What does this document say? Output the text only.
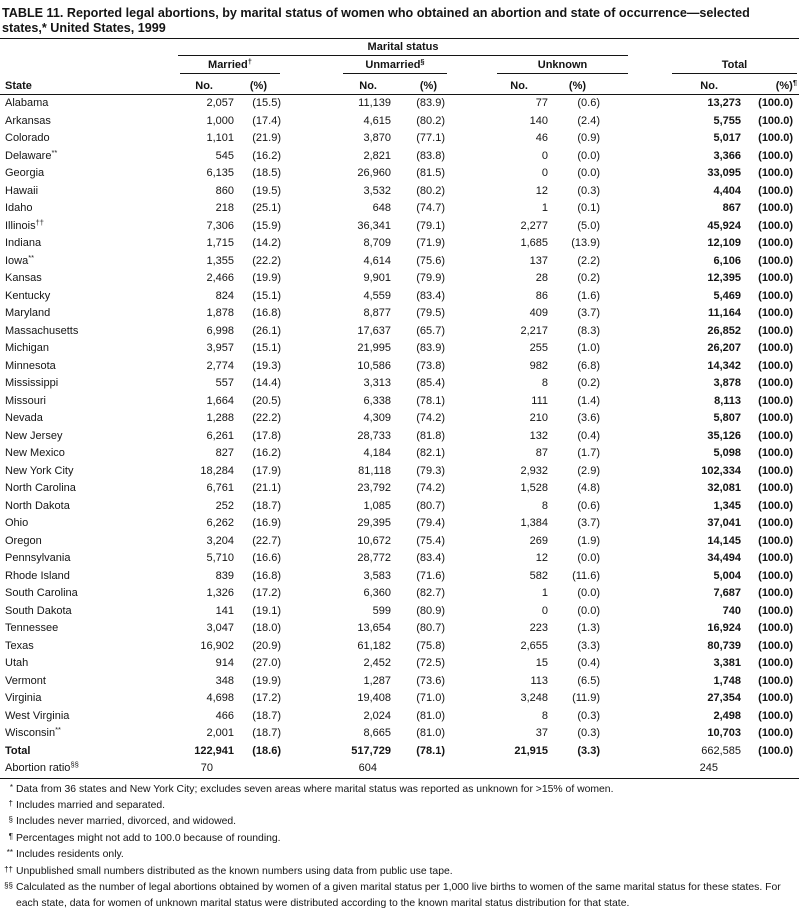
TABLE 11. Reported legal abortions, by marital status of women who obtained an abortion and state of occurrence—selected states,* United States, 1999
State	Marital status							

	Married†		Unmarried§		Unknown		Total	

	No.	(%)	No.	(%)	No.	(%)	No.	(%)¶
Alabama	2,057	(15.5)	11,139	(83.9)	77	(0.6)	13,273	(100.0)
Arkansas	1,000	(17.4)	4,615	(80.2)	140	(2.4)	5,755	(100.0)
Colorado	1,101	(21.9)	3,870	(77.1)	46	(0.9)	5,017	(100.0)
Delaware**	545	(16.2)	2,821	(83.8)	0	(0.0)	3,366	(100.0)
Georgia	6,135	(18.5)	26,960	(81.5)	0	(0.0)	33,095	(100.0)
Hawaii	860	(19.5)	3,532	(80.2)	12	(0.3)	4,404	(100.0)
Idaho	218	(25.1)	648	(74.7)	1	(0.1)	867	(100.0)
Illinois††	7,306	(15.9)	36,341	(79.1)	2,277	(5.0)	45,924	(100.0)
Indiana	1,715	(14.2)	8,709	(71.9)	1,685	(13.9)	12,109	(100.0)
Iowa**	1,355	(22.2)	4,614	(75.6)	137	(2.2)	6,106	(100.0)
Kansas	2,466	(19.9)	9,901	(79.9)	28	(0.2)	12,395	(100.0)
Kentucky	824	(15.1)	4,559	(83.4)	86	(1.6)	5,469	(100.0)
Maryland	1,878	(16.8)	8,877	(79.5)	409	(3.7)	11,164	(100.0)
Massachusetts	6,998	(26.1)	17,637	(65.7)	2,217	(8.3)	26,852	(100.0)
Michigan	3,957	(15.1)	21,995	(83.9)	255	(1.0)	26,207	(100.0)
Minnesota	2,774	(19.3)	10,586	(73.8)	982	(6.8)	14,342	(100.0)
Mississippi	557	(14.4)	3,313	(85.4)	8	(0.2)	3,878	(100.0)
Missouri	1,664	(20.5)	6,338	(78.1)	111	(1.4)	8,113	(100.0)
Nevada	1,288	(22.2)	4,309	(74.2)	210	(3.6)	5,807	(100.0)
New Jersey	6,261	(17.8)	28,733	(81.8)	132	(0.4)	35,126	(100.0)
New Mexico	827	(16.2)	4,184	(82.1)	87	(1.7)	5,098	(100.0)
New York City	18,284	(17.9)	81,118	(79.3)	2,932	(2.9)	102,334	(100.0)
North Carolina	6,761	(21.1)	23,792	(74.2)	1,528	(4.8)	32,081	(100.0)
North Dakota	252	(18.7)	1,085	(80.7)	8	(0.6)	1,345	(100.0)
Ohio	6,262	(16.9)	29,395	(79.4)	1,384	(3.7)	37,041	(100.0)
Oregon	3,204	(22.7)	10,672	(75.4)	269	(1.9)	14,145	(100.0)
Pennsylvania	5,710	(16.6)	28,772	(83.4)	12	(0.0)	34,494	(100.0)
Rhode Island	839	(16.8)	3,583	(71.6)	582	(11.6)	5,004	(100.0)
South Carolina	1,326	(17.2)	6,360	(82.7)	1	(0.0)	7,687	(100.0)
South Dakota	141	(19.1)	599	(80.9)	0	(0.0)	740	(100.0)
Tennessee	3,047	(18.0)	13,654	(80.7)	223	(1.3)	16,924	(100.0)
Texas	16,902	(20.9)	61,182	(75.8)	2,655	(3.3)	80,739	(100.0)
Utah	914	(27.0)	2,452	(72.5)	15	(0.4)	3,381	(100.0)
Vermont	348	(19.9)	1,287	(73.6)	113	(6.5)	1,748	(100.0)
Virginia	4,698	(17.2)	19,408	(71.0)	3,248	(11.9)	27,354	(100.0)
West Virginia	466	(18.7)	2,024	(81.0)	8	(0.3)	2,498	(100.0)
Wisconsin**	2,001	(18.7)	8,665	(81.0)	37	(0.3)	10,703	(100.0)
Total	122,941	(18.6)	517,729	(78.1)	21,915	(3.3)	662,585	(100.0)
Abortion ratio§§	70		604				245	
* Data from 36 states and New York City; excludes seven areas where marital status was reported as unknown for >15% of women.
† Includes married and separated.
§ Includes never married, divorced, and widowed.
¶ Percentages might not add to 100.0 because of rounding.
** Includes residents only.
†† Unpublished small numbers distributed as the known numbers using data from public use tape.
§§ Calculated as the number of legal abortions obtained by women of a given marital status per 1,000 live births to women of the same marital status for these states. For each state, data for women of unknown marital status were distributed according to the known marital status distribution for that state.
